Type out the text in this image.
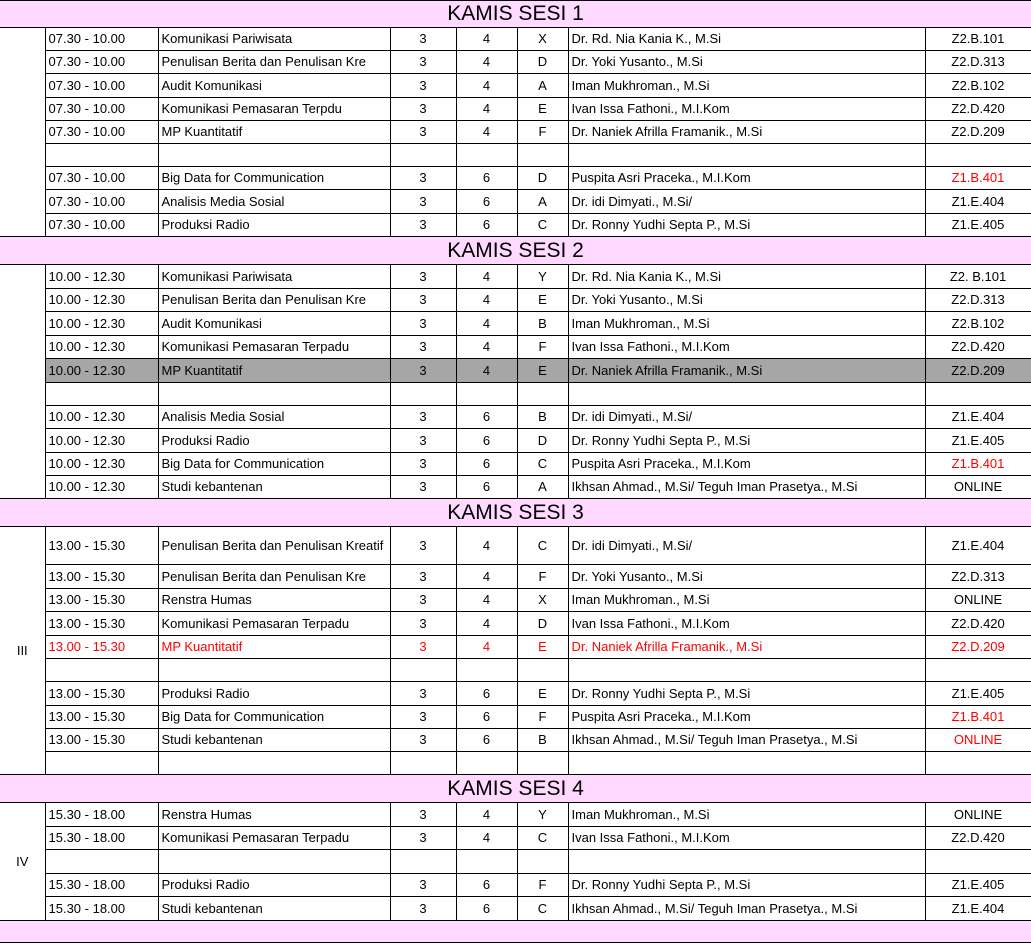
KAMIS SESI 1							
	07.30 - 10.00	Komunikasi Pariwisata	3	4	X	Dr. Rd. Nia Kania K., M.Si	Z2.B.101
	07.30 - 10.00	Penulisan Berita dan Penulisan Kre	3	4	D	Dr. Yoki Yusanto., M.Si	Z2.D.313
	07.30 - 10.00	Audit Komunikasi	3	4	A	Iman Mukhroman., M.Si	Z2.B.102
	07.30 - 10.00	Komunikasi Pemasaran Terpdu	3	4	E	Ivan Issa Fathoni., M.I.Kom	Z2.D.420
	07.30 - 10.00	MP Kuantitatif	3	4	F	Dr. Naniek Afrilla Framanik., M.Si	Z2.D.209

	07.30 - 10.00	Big Data for Communication	3	6	D	Puspita Asri Praceka., M.I.Kom	Z1.B.401
	07.30 - 10.00	Analisis Media Sosial	3	6	A	Dr. idi Dimyati., M.Si/	Z1.E.404
	07.30 - 10.00	Produksi Radio	3	6	C	Dr. Ronny Yudhi Septa P., M.Si	Z1.E.405
KAMIS SESI 2							
	10.00 - 12.30	Komunikasi Pariwisata	3	4	Y	Dr. Rd. Nia Kania K., M.Si	Z2. B.101
	10.00 - 12.30	Penulisan Berita dan Penulisan Kre	3	4	E	Dr. Yoki Yusanto., M.Si	Z2.D.313
	10.00 - 12.30	Audit Komunikasi	3	4	B	Iman Mukhroman., M.Si	Z2.B.102
	10.00 - 12.30	Komunikasi Pemasaran Terpadu	3	4	F	Ivan Issa Fathoni., M.I.Kom	Z2.D.420
	10.00 - 12.30	MP Kuantitatif	3	4	E	Dr. Naniek Afrilla Framanik., M.Si	Z2.D.209

	10.00 - 12.30	Analisis Media Sosial	3	6	B	Dr. idi Dimyati., M.Si/	Z1.E.404
	10.00 - 12.30	Produksi Radio	3	6	D	Dr. Ronny Yudhi Septa P., M.Si	Z1.E.405
	10.00 - 12.30	Big Data for Communication	3	6	C	Puspita Asri Praceka., M.I.Kom	Z1.B.401
	10.00 - 12.30	Studi kebantenan	3	6	A	Ikhsan Ahmad., M.Si/ Teguh Iman Prasetya., M.Si	ONLINE
KAMIS SESI 3							
III	13.00 - 15.30	Penulisan Berita dan Penulisan Kreatif	3	4	C	Dr. idi Dimyati., M.Si/	Z1.E.404
	13.00 - 15.30	Penulisan Berita dan Penulisan Kre	3	4	F	Dr. Yoki Yusanto., M.Si	Z2.D.313
	13.00 - 15.30	Renstra Humas	3	4	X	Iman Mukhroman., M.Si	ONLINE
	13.00 - 15.30	Komunikasi Pemasaran Terpadu	3	4	D	Ivan Issa Fathoni., M.I.Kom	Z2.D.420
	13.00 - 15.30	MP Kuantitatif	3	4	E	Dr. Naniek Afrilla Framanik., M.Si	Z2.D.209

	13.00 - 15.30	Produksi Radio	3	6	E	Dr. Ronny Yudhi Septa P., M.Si	Z1.E.405
	13.00 - 15.30	Big Data for Communication	3	6	F	Puspita Asri Praceka., M.I.Kom	Z1.B.401
	13.00 - 15.30	Studi kebantenan	3	6	B	Ikhsan Ahmad., M.Si/ Teguh Iman Prasetya., M.Si	ONLINE

KAMIS SESI 4							
IV	15.30 - 18.00	Renstra Humas	3	4	Y	Iman Mukhroman., M.Si	ONLINE
	15.30 - 18.00	Komunikasi Pemasaran Terpadu	3	4	C	Ivan Issa Fathoni., M.I.Kom	Z2.D.420

	15.30 - 18.00	Produksi Radio	3	6	F	Dr. Ronny Yudhi Septa P., M.Si	Z1.E.405
	15.30 - 18.00	Studi kebantenan	3	6	C	Ikhsan Ahmad., M.Si/ Teguh Iman Prasetya., M.Si	Z1.E.404
